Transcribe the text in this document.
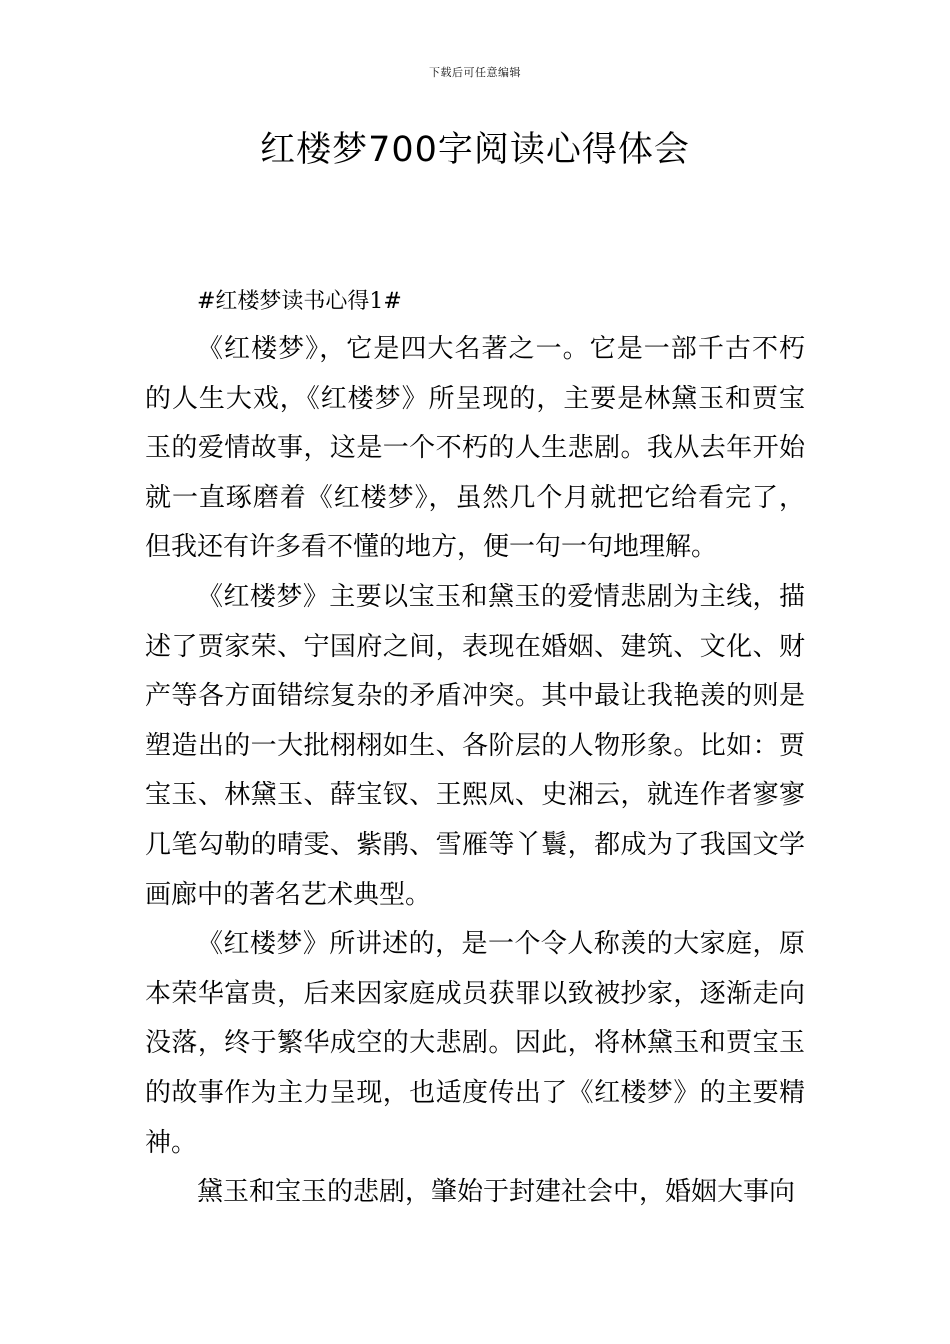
下载后可任意编辑
红楼梦700字阅读心得体会
#红楼梦读书心得1#

《红楼梦》，它是四大名著之一。它是一部千古不朽的人生大戏，《红楼梦》所呈现的，主要是林黛玉和贾宝玉的爱情故事，这是一个不朽的人生悲剧。我从去年开始就一直琢磨着《红楼梦》，虽然几个月就把它给看完了，但我还有许多看不懂的地方，便一句一句地理解。

《红楼梦》主要以宝玉和黛玉的爱情悲剧为主线，描述了贾家荣、宁国府之间，表现在婚姻、建筑、文化、财产等各方面错综复杂的矛盾冲突。其中最让我艳羡的则是塑造出的一大批栩栩如生、各阶层的人物形象。比如：贾宝玉、林黛玉、薛宝钗、王熙凤、史湘云，就连作者寥寥几笔勾勒的晴雯、紫鹃、雪雁等丫鬟，都成为了我国文学画廊中的著名艺术典型。

《红楼梦》所讲述的，是一个令人称羡的大家庭，原本荣华富贵，后来因家庭成员获罪以致被抄家，逐渐走向没落，终于繁华成空的大悲剧。因此，将林黛玉和贾宝玉的故事作为主力呈现，也适度传出了《红楼梦》的主要精神。

黛玉和宝玉的悲剧，肇始于封建社会中，婚姻大事向
